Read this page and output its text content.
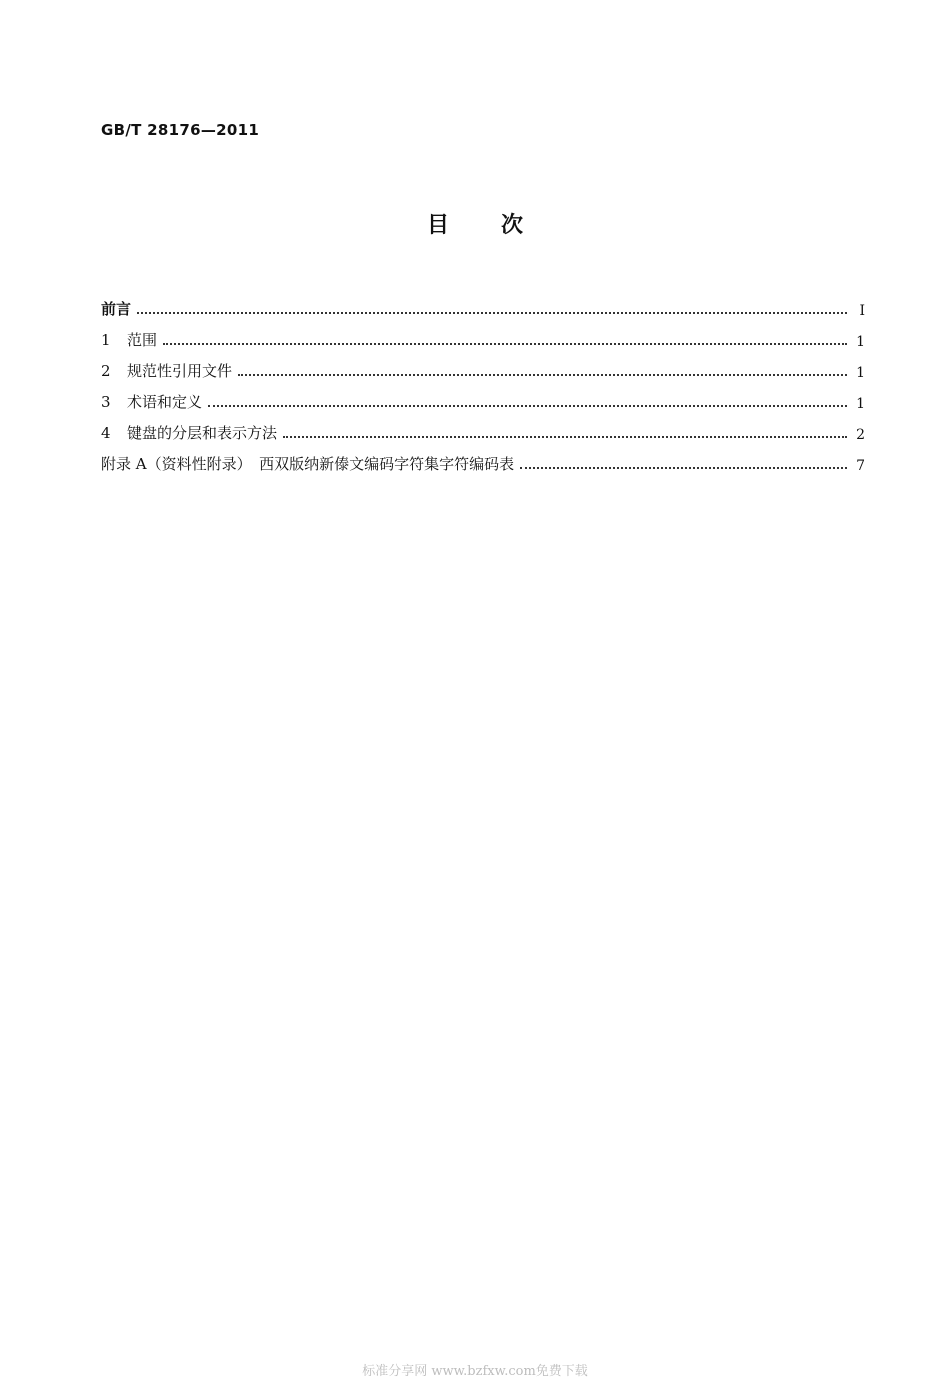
GB/T 28176—2011
目次
前言	Ⅰ
1 范围	1
2 规范性引用文件	1
3 术语和定义	1
4 键盘的分层和表示方法	2
附录 A（资料性附录）　西双版纳新傣文编码字符集字符编码表	7
标准分享网 www.bzfxw.com免费下载
